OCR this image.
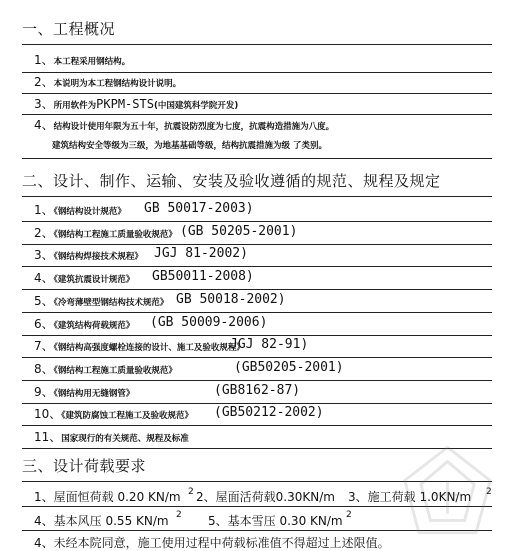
一、工程概况
1、本工程采用钢结构。
2、本说明为本工程钢结构设计说明。
3、所用软件为PKPM-STS(中国建筑科学院开发)
4、结构设计使用年限为五十年，抗震设防烈度为七度，抗震构造措施为八度。
建筑结构安全等级为三级，为地基基础等级，结构抗震措施为级 了类别。
二、设计、制作、运输、安装及验收遵循的规范、规程及规定
1、《钢结构设计规范》 GB 50017-2003)
2、《钢结构工程施工质量验收规范》 (GB 50205-2001)
3、《钢结构焊接技术规程》 JGJ 81-2002)
4、《建筑抗震设计规范》 GB50011-2008)
5、《冷弯薄壁型钢结构技术规范》 GB 50018-2002)
6、《建筑结构荷载规范》 (GB 50009-2006)
7、《钢结构高强度螺栓连接的设计、施工及验收规程》
JGJ 82-91)
8、《钢结构工程施工质量验收规范》	(GB50205-2001)
9、《钢结构用无缝钢管》	(GB8162-87)
10、《建筑防腐蚀工程施工及验收规范》 (GB50212-2002)
11、国家现行的有关规范、规程及标准
三、设计荷载要求
1、屋面恒荷载 0.20 KN/m 2 2、屋面活荷载0.30KN/m 3、施工荷载 1.0KN/m 2
4、基本风压 0.55 KN/m 2 5、基本雪压 0.30 KN/m 2
4、未经本院同意，施工使用过程中荷载标准值不得超过上述限值。
